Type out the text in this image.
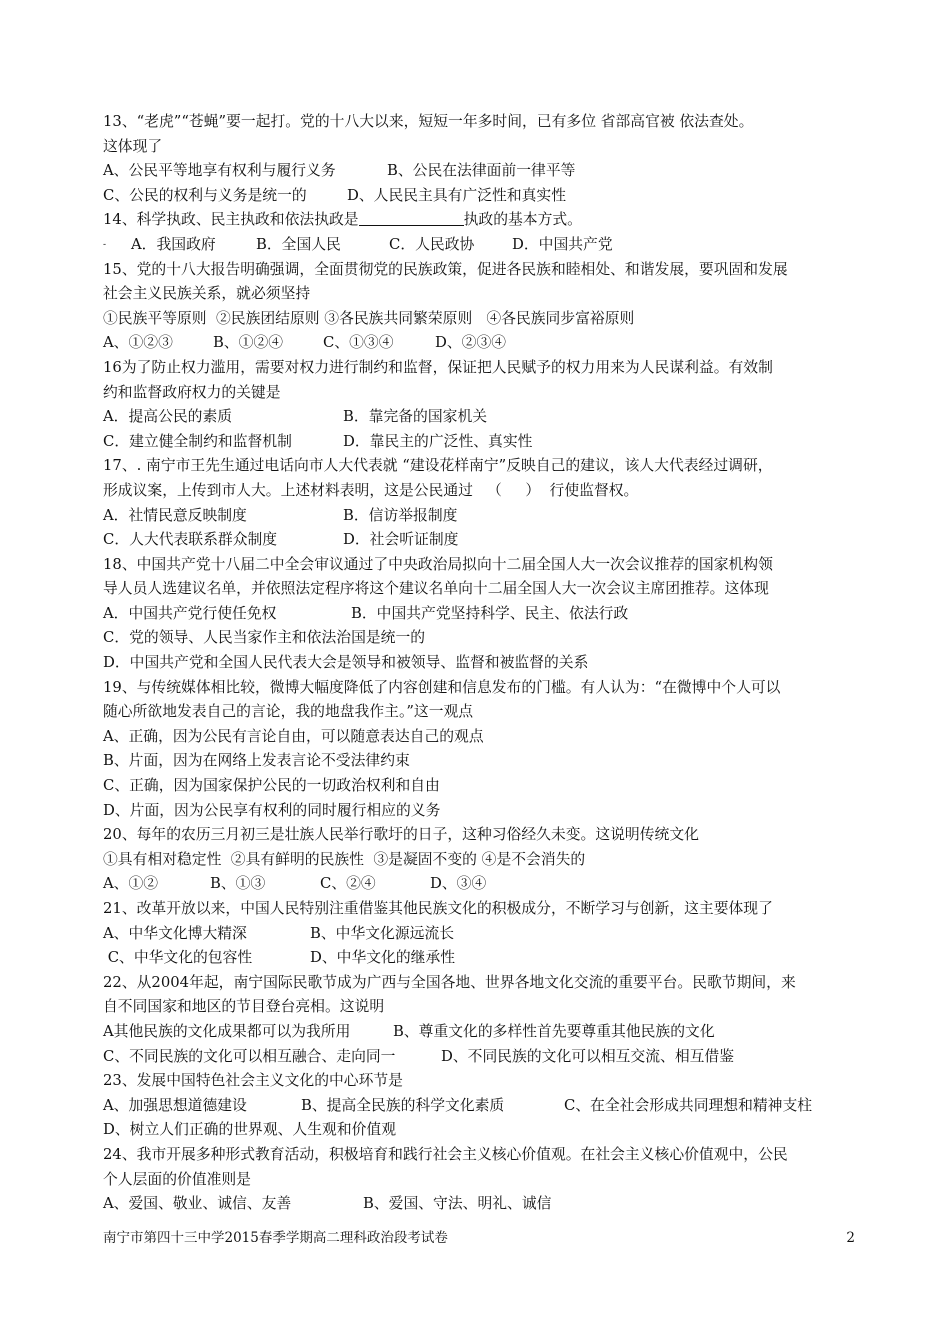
13、“老虎”“苍蝇”要一起打。党的十八大以来，短短一年多时间，已有多位 省部高官被 依法查处。
这体现了
A、公民平等地享有权利与履行义务	B、公民在法律面前一律平等
C、公民的权利与义务是统一的	D、人民民主具有广泛性和真实性
14、科学执政、民主执政和依法执政是	执政的基本方式。
-	A．我国政府	B．全国人民	C．人民政协	D．中国共产党
15、党的十八大报告明确强调，全面贯彻党的民族政策，促进各民族和睦相处、和谐发展，要巩固和发展
社会主义民族关系，就必须坚持
①民族平等原则  ②民族团结原则 ③各民族共同繁荣原则   ④各民族同步富裕原则
A、①②③	B、①②④	C、①③④	D、②③④
16为了防止权力滥用，需要对权力进行制约和监督，保证把人民赋予的权力用来为人民谋利益。有效制
约和监督政府权力的关键是
A．提高公民的素质	B．靠完备的国家机关
C．建立健全制约和监督机制	D．靠民主的广泛性、真实性
17、. 南宁市王先生通过电话向市人大代表就 “建设花样南宁”反映自己的建议，该人大代表经过调研，
形成议案，上传到市人大。上述材料表明，这是公民通过   （     ）  行使监督权。
A．社情民意反映制度	B．信访举报制度
C．人大代表联系群众制度	D．社会听证制度
18、中国共产党十八届二中全会审议通过了中央政治局拟向十二届全国人大一次会议推荐的国家机构领
导人员人选建议名单，并依照法定程序将这个建议名单向十二届全国人大一次会议主席团推荐。这体现
A．中国共产党行使任免权	B．中国共产党坚持科学、民主、依法行政
C．党的领导、人民当家作主和依法治国是统一的
D．中国共产党和全国人民代表大会是领导和被领导、监督和被监督的关系
19、与传统媒体相比较，微博大幅度降低了内容创建和信息发布的门槛。有人认为：“在微博中个人可以
随心所欲地发表自己的言论，我的地盘我作主。”这一观点
A、正确，因为公民有言论自由，可以随意表达自己的观点
B、片面，因为在网络上发表言论不受法律约束
C、正确，因为国家保护公民的一切政治权利和自由
D、片面，因为公民享有权利的同时履行相应的义务
20、每年的农历三月初三是壮族人民举行歌圩的日子，这种习俗经久未变。这说明传统文化
①具有相对稳定性  ②具有鲜明的民族性  ③是凝固不变的 ④是不会消失的
A、①②	B、①③	C、②④	D、③④
21、改革开放以来，中国人民特别注重借鉴其他民族文化的积极成分，不断学习与创新，这主要体现了
A、中华文化博大精深	B、中华文化源远流长
C、中华文化的包容性	D、中华文化的继承性
22、从2004年起，南宁国际民歌节成为广西与全国各地、世界各地文化交流的重要平台。民歌节期间，来
自不同国家和地区的节目登台亮相。这说明
A其他民族的文化成果都可以为我所用	B、尊重文化的多样性首先要尊重其他民族的文化
C、不同民族的文化可以相互融合、走向同一	D、不同民族的文化可以相互交流、相互借鉴
23、发展中国特色社会主义文化的中心环节是
A、加强思想道德建设	B、提高全民族的科学文化素质	C、在全社会形成共同理想和精神支柱
D、树立人们正确的世界观、人生观和价值观
24、我市开展多种形式教育活动，积极培育和践行社会主义核心价值观。在社会主义核心价值观中，公民
个人层面的价值准则是
A、爱国、敬业、诚信、友善	B、爱国、守法、明礼、诚信
南宁市第四十三中学2015春季学期高二理科政治段考试卷	2
